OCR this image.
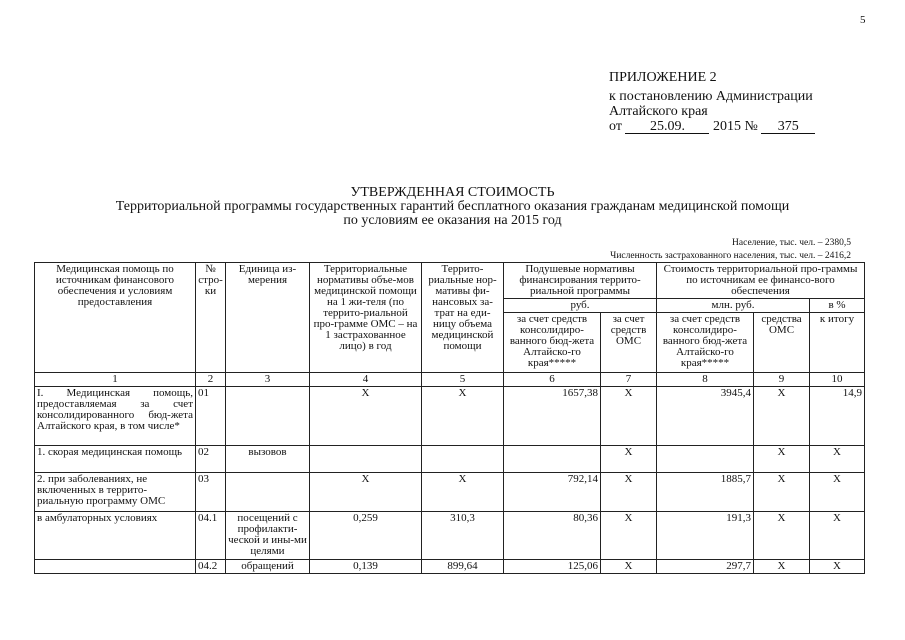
5
ПРИЛОЖЕНИЕ 2
к постановлению Администрации
Алтайского края
от 25.09. 2015 № 375
УТВЕРЖДЕННАЯ СТОИМОСТЬ
Территориальной программы государственных гарантий бесплатного оказания гражданам медицинской помощи
по условиям ее оказания на 2015 год
Население, тыс. чел. – 2380,5
Численность застрахованного населения, тыс. чел. – 2416,2
Медицинская помощь по источникам финансового обеспечения и условиям предоставления	№ стро-ки	Единица из-мерения	Территориальные нормативы объе-мов медицинской помощи на 1 жи-теля (по террито-риальной про-грамме ОМС – на 1 застрахованное лицо) в год	Террито-риальные нор-мативы фи-нансовых за-трат на еди-ницу объема медицинской помощи	Подушевые нормативы финансирования террито-риальной программы		Стоимость территориальной про-граммы по источникам ее финансо-вого обеспечения		
					руб.		млн. руб.		в %
					за счет средств консолидиро-ванного бюд-жета Алтайско-го края*****	за счет средств ОМС	за счет средств консолидиро-ванного бюд-жета Алтайско-го края*****	средства ОМС	к итогу
1	2	3	4	5	6	7	8	9	10
I. Медицинская помощь, предоставляемая за счет консолидированного бюд-жета Алтайского края, в том числе*	01		X	X	1657,38	X	3945,4	X	14,9
1. скорая медицинская помощь	02	вызовов				X		X	X
2. при заболеваниях, не включенных в террито-риальную программу ОМС	03		X	X	792,14	X	1885,7	X	X
в амбулаторных условиях	04.1	посещений с профилакти-ческой и ины-ми целями	0,259	310,3	80,36	X	191,3	X	X
	04.2	обращений	0,139	899,64	125,06	X	297,7	X	X
